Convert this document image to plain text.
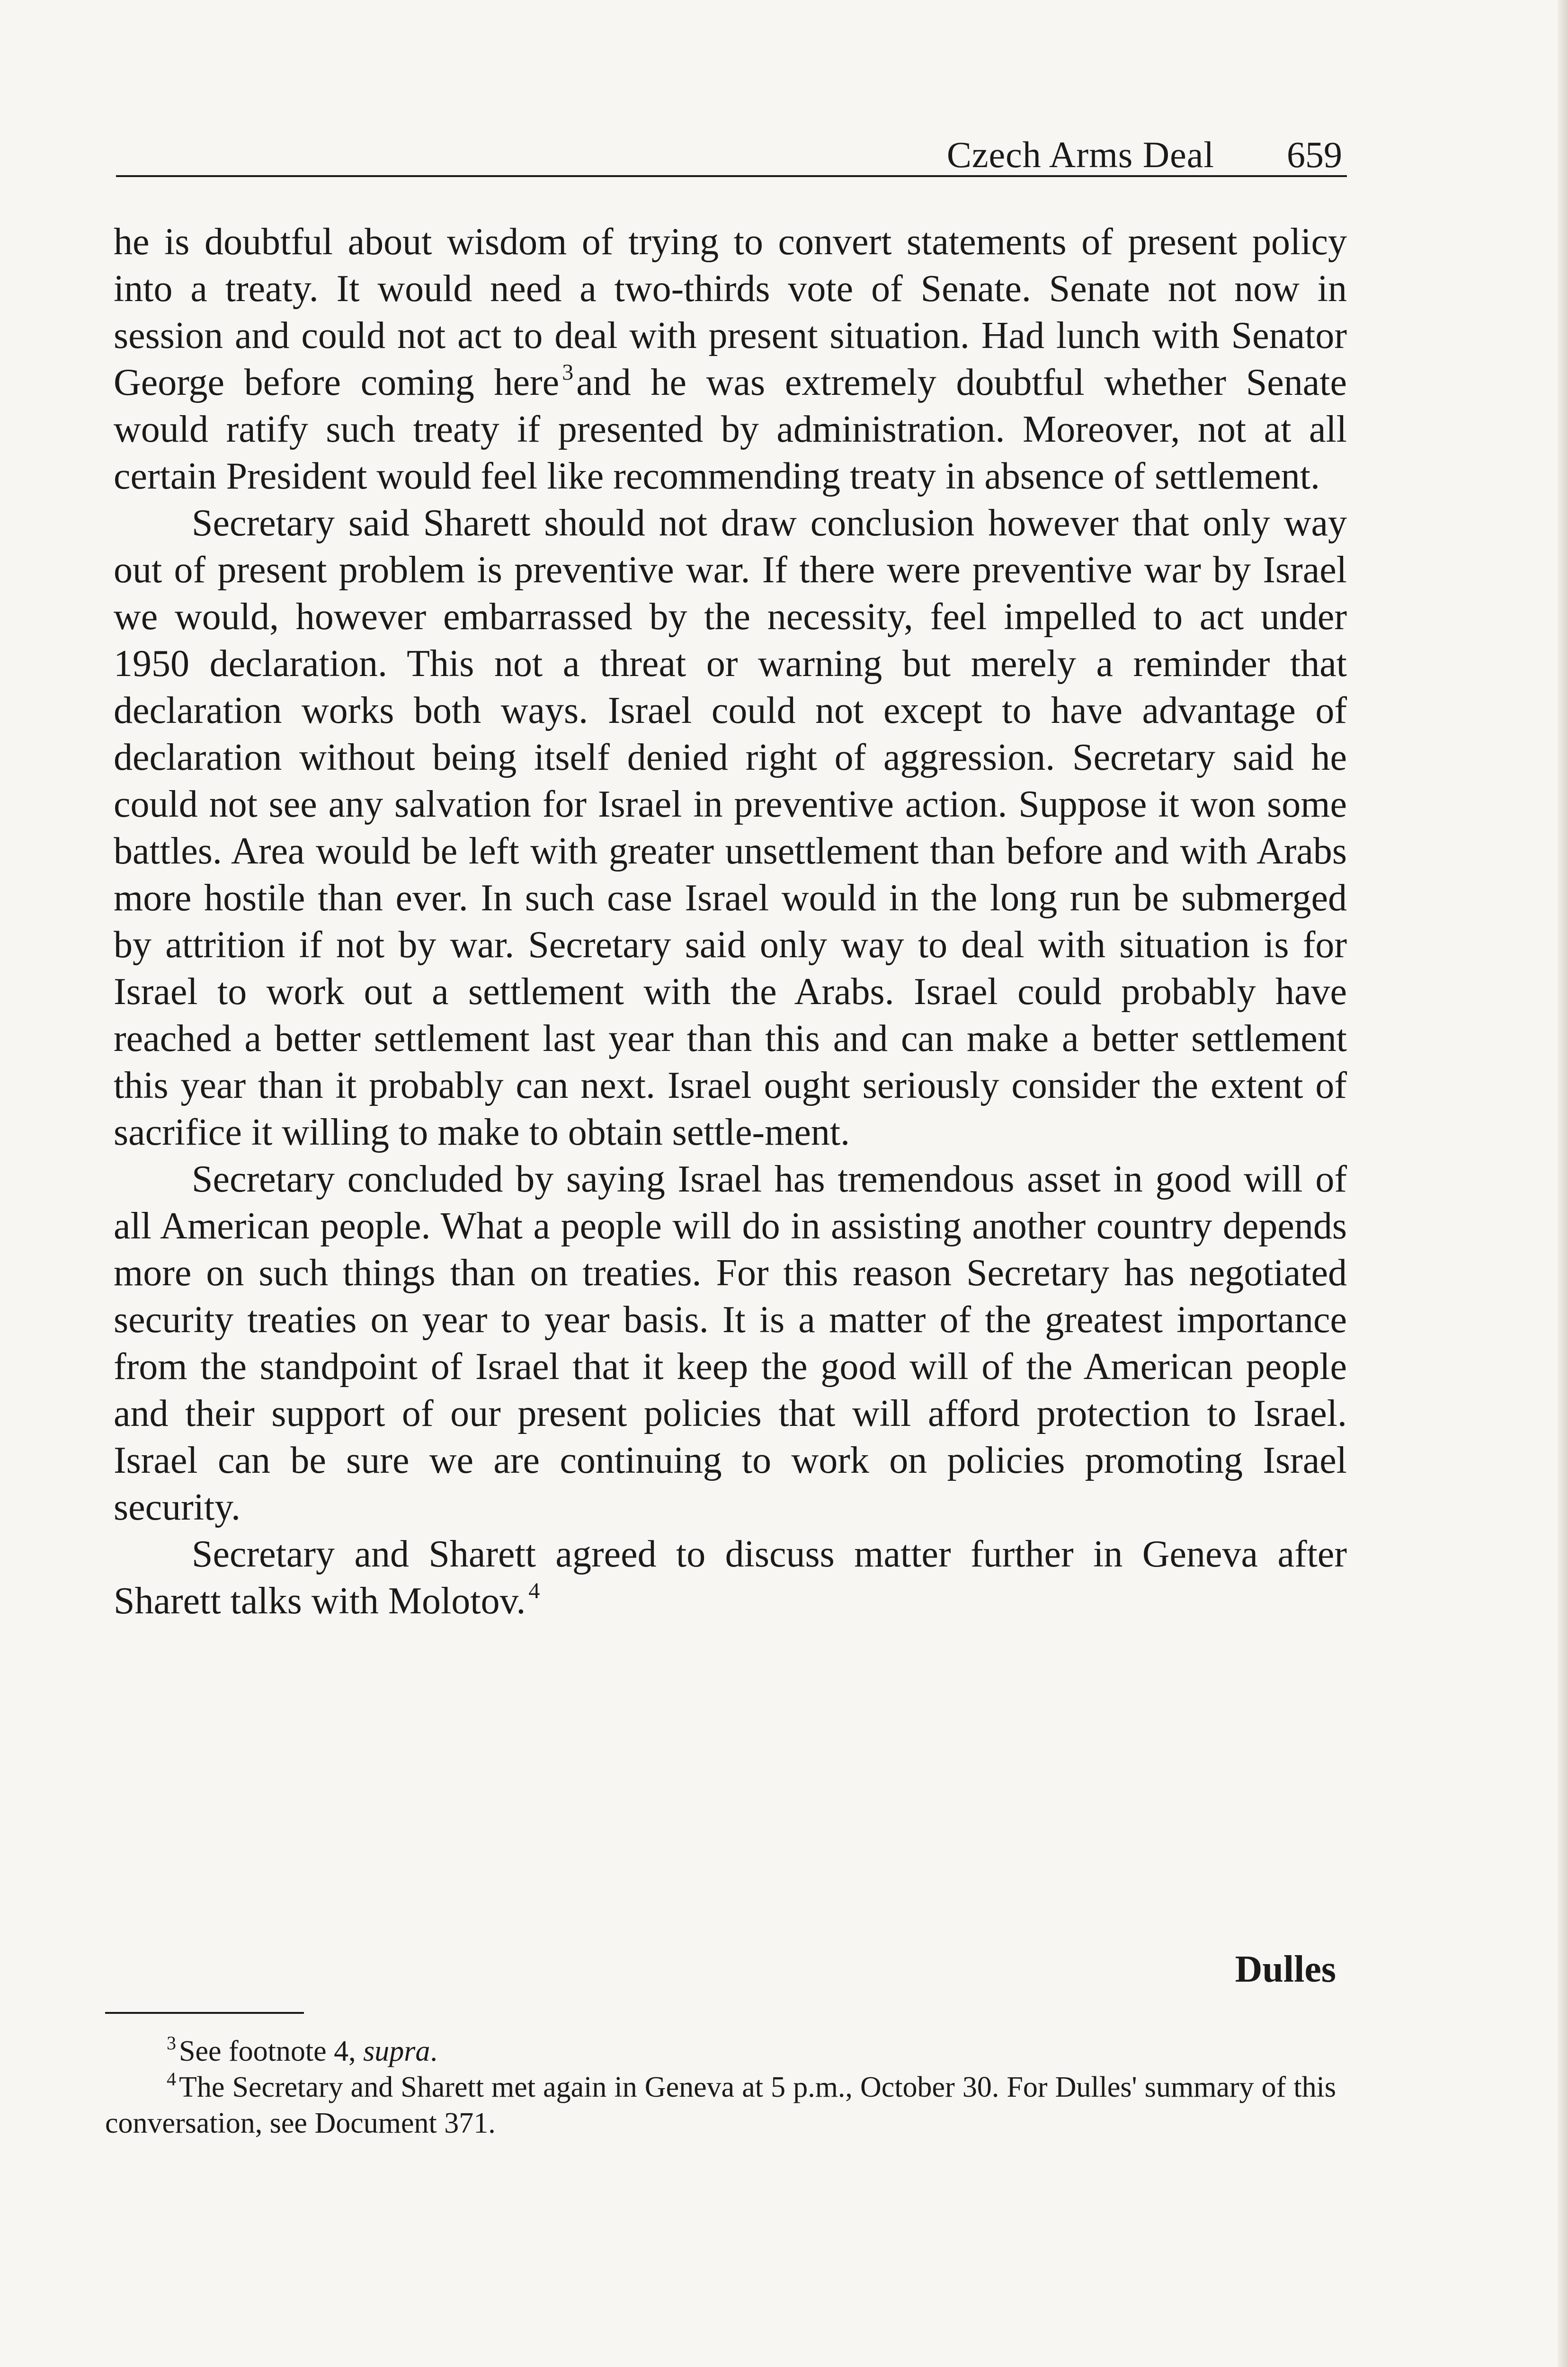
Czech Arms Deal 659

he is doubtful about wisdom of trying to convert statements of present policy into a treaty. It would need a two-thirds vote of Senate. Senate not now in session and could not act to deal with present situation. Had lunch with Senator George before coming here $^3$and he was extremely doubtful whether Senate would ratify such treaty if presented by administration. Moreover, not at all certain President would feel like recommending treaty in absence of settlement.

Secretary said Sharett should not draw conclusion however that only way out of present problem is preventive war. If there were preventive war by Israel we would, however embarrassed by the necessity, feel impelled to act under 1950 declaration. This not a threat or warning but merely a reminder that declaration works both ways. Israel could not except to have advantage of declaration without being itself denied right of aggression. Secretary said he could not see any salvation for Israel in preventive action. Suppose it won some battles. Area would be left with greater unsettlement than before and with Arabs more hostile than ever. In such case Israel would in the long run be submerged by attrition if not by war. Secretary said only way to deal with situation is for Israel to work out a settlement with the Arabs. Israel could probably have reached a better settlement last year than this and can make a better settlement this year than it probably can next. Israel ought seriously consider the extent of sacrifice it willing to make to obtain settle-ment.

Secretary concluded by saying Israel has tremendous asset in good will of all American people. What a people will do in assisting another country depends more on such things than on treaties. For this reason Secretary has negotiated security treaties on year to year basis. It is a matter of the greatest importance from the standpoint of Israel that it keep the good will of the American people and their support of our present policies that will afford protection to Israel. Israel can be sure we are continuing to work on policies promoting Israel security.

Secretary and Sharett agreed to discuss matter further in Geneva after Sharett talks with Molotov. $^4$

Dulles

$^3$See footnote 4, supra.

$^4$The Secretary and Sharett met again in Geneva at 5 p.m., October 30. For Dulles' summary of this conversation, see Document 371.
